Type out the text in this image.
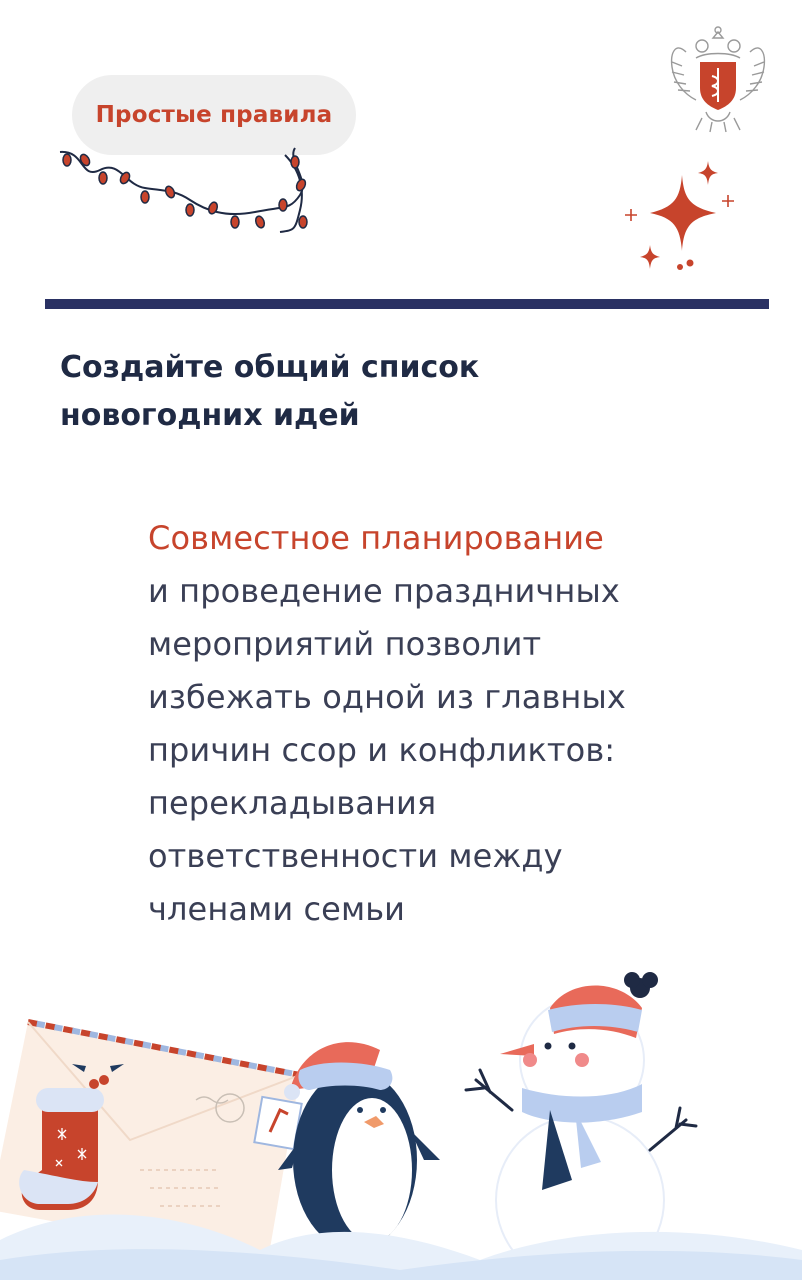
Простые правила
Создайте общий список
новогодних идей

Совместное планирование
и проведение праздничных
мероприятий позволит
избежать одной из главных
причин ссор и конфликтов:
перекладывания
ответственности между
членами семьи
